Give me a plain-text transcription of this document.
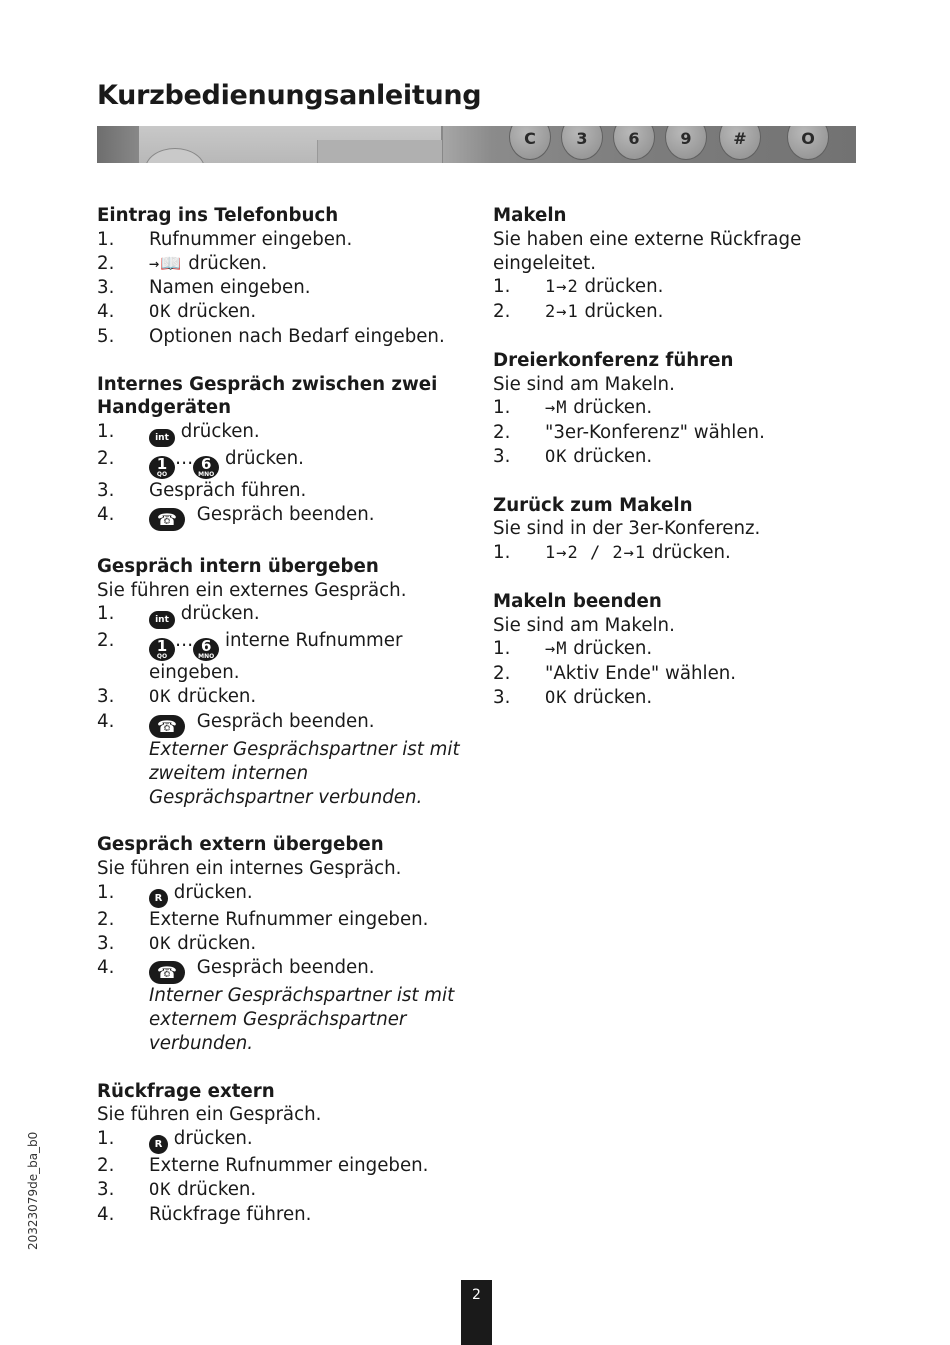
Kurzbedienungsanleitung
C	3	6	9	#	O
Eintrag ins Telefonbuch
1. Rufnummer eingeben.
2. →📖 drücken.
3. Namen eingeben.
4. OK drücken.
5. Optionen nach Bedarf eingeben.
Internes Gespräch zwischen zwei Handgeräten
1.	int drücken.
2.	1
QO
… 6
MNO
drücken.
3. Gespräch führen.
4.	☎ Gespräch beenden.
Gespräch intern übergeben
Sie führen ein externes Gespräch.
1.	int drücken.
2.	1
QO
… 6
MNO
interne Rufnummer eingeben.
3. OK drücken.
4.	☎ Gespräch beenden.
Externer Gesprächspartner ist mit zweitem internen Gesprächspartner verbunden.
Gespräch extern übergeben
Sie führen ein internes Gespräch.
1.	R drücken.
2. Externe Rufnummer eingeben.
3. OK drücken.
4.	☎ Gespräch beenden.
Interner Gesprächspartner ist mit externem Gesprächspartner verbunden.
Rückfrage extern
Sie führen ein Gespräch.
1.	R drücken.
2. Externe Rufnummer eingeben.
3. OK drücken.
4. Rückfrage führen.
Makeln
Sie haben eine externe Rückfrage eingeleitet.
1. 1→2 drücken.
2. 2→1 drücken.
Dreierkonferenz führen
Sie sind am Makeln.
1. →M drücken.
2. "3er-Konferenz" wählen.
3. OK drücken.
Zurück zum Makeln
Sie sind in der 3er-Konferenz.
1. 1→2 / 2→1 drücken.
Makeln beenden
Sie sind am Makeln.
1. →M drücken.
2. "Aktiv Ende" wählen.
3. OK drücken.
20323079de_ba_b0
2
